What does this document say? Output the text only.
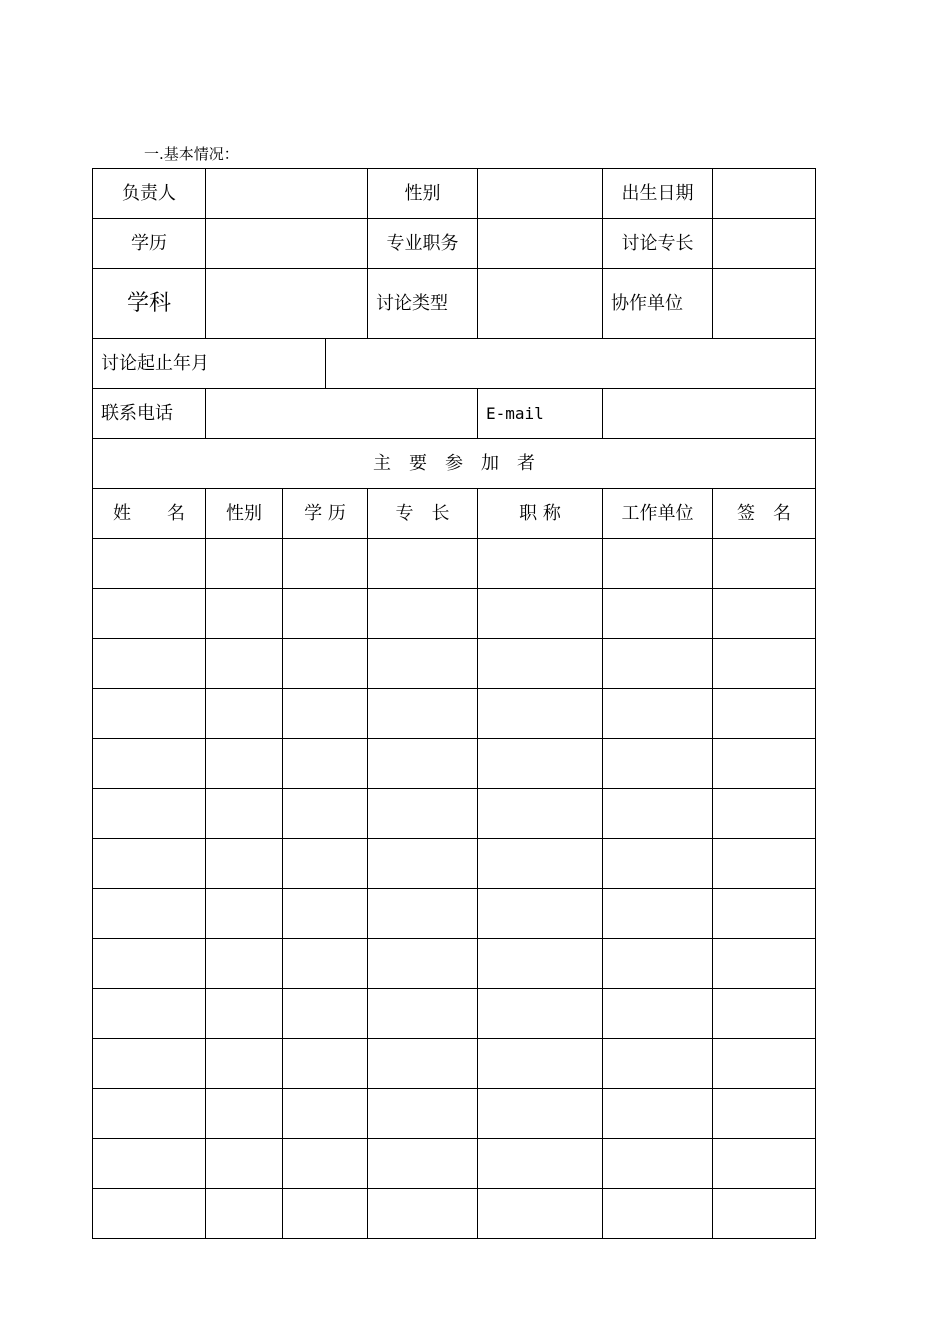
一.基本情况：
负责人				性别		出生日期	
学历				专业职务		讨论专长	
学科				讨论类型		协作单位	
讨论起止年月							
联系电话					E-mail		
主　要　参　加　者							
姓　　名	性别	学 历		专　长	职 称	工作单位	签　名
